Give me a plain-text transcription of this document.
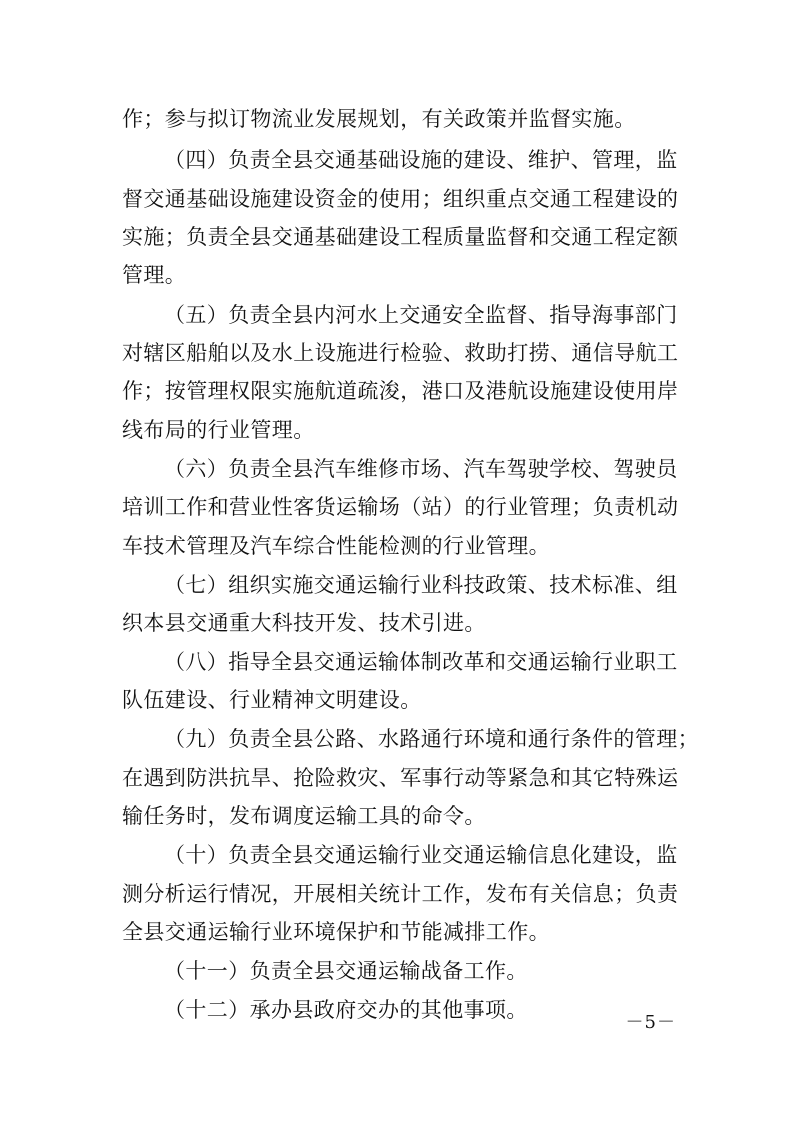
作；参与拟订物流业发展规划，有关政策并监督实施。
（四）负责全县交通基础设施的建设、维护、管理，监
督交通基础设施建设资金的使用；组织重点交通工程建设的
实施；负责全县交通基础建设工程质量监督和交通工程定额
管理。
（五）负责全县内河水上交通安全监督、指导海事部门
对辖区船舶以及水上设施进行检验、救助打捞、通信导航工
作；按管理权限实施航道疏浚，港口及港航设施建设使用岸
线布局的行业管理。
（六）负责全县汽车维修市场、汽车驾驶学校、驾驶员
培训工作和营业性客货运输场（站）的行业管理；负责机动
车技术管理及汽车综合性能检测的行业管理。
（七）组织实施交通运输行业科技政策、技术标准、组
织本县交通重大科技开发、技术引进。
（八）指导全县交通运输体制改革和交通运输行业职工
队伍建设、行业精神文明建设。
（九）负责全县公路、水路通行环境和通行条件的管理；
在遇到防洪抗旱、抢险救灾、军事行动等紧急和其它特殊运
输任务时，发布调度运输工具的命令。
（十）负责全县交通运输行业交通运输信息化建设，监
测分析运行情况，开展相关统计工作，发布有关信息；负责
全县交通运输行业环境保护和节能减排工作。
（十一）负责全县交通运输战备工作。
（十二）承办县政府交办的其他事项。
－5－
